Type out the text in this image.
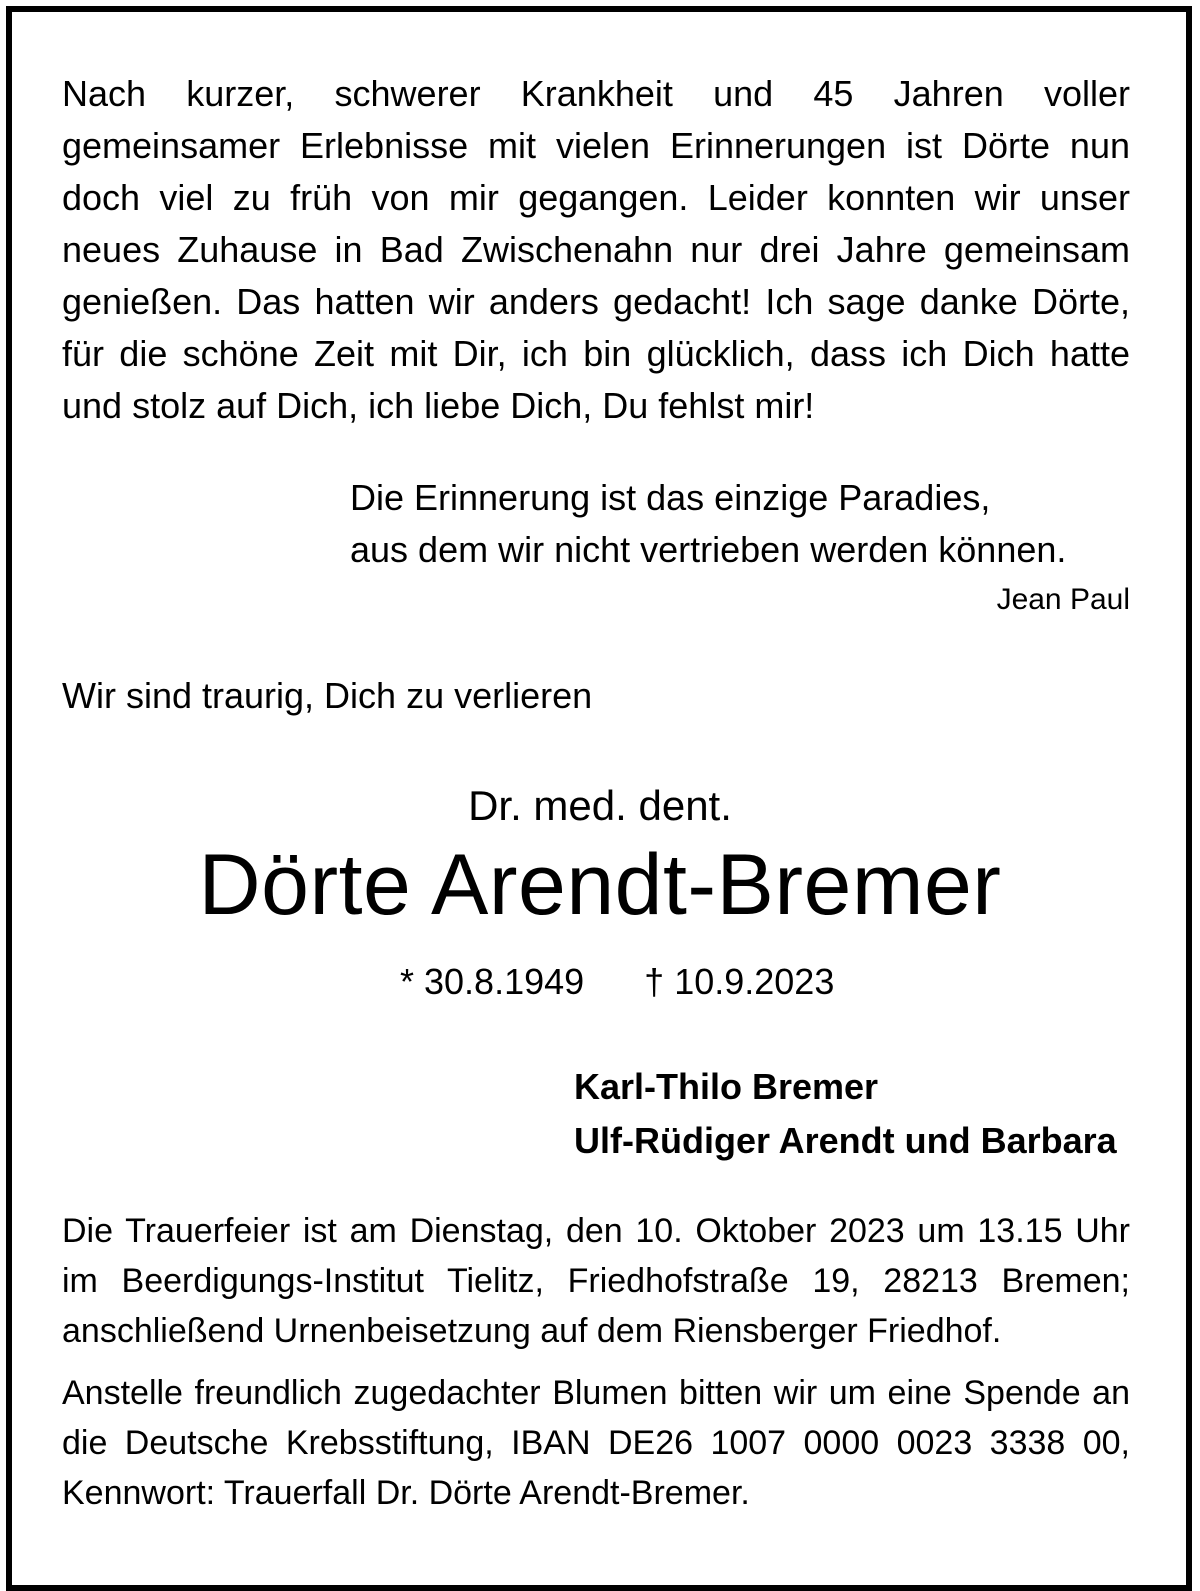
Nach kurzer, schwerer Krankheit und 45 Jahren voller gemeinsamer Erlebnisse mit vielen Erinnerungen ist Dörte nun doch viel zu früh von mir gegangen. Leider konnten wir unser neues Zuhause in Bad Zwischenahn nur drei Jahre gemeinsam genießen. Das hatten wir anders gedacht! Ich sage danke Dörte, für die schöne Zeit mit Dir, ich bin glücklich, dass ich Dich hatte und stolz auf Dich, ich liebe Dich, Du fehlst mir!

Die Erinnerung ist das einzige Paradies,
aus dem wir nicht vertrieben werden können.
Jean Paul
Wir sind traurig, Dich zu verlieren
Dr. med. dent.
Dörte Arendt-Bremer
* 30.8.1949 † 10.9.2023
Karl-Thilo Bremer
Ulf-Rüdiger Arendt und Barbara

Die Trauerfeier ist am Dienstag, den 10. Oktober 2023 um 13.15 Uhr im Beerdigungs-Institut Tielitz, Friedhofstraße 19, 28213 Bremen; anschließend Urnenbeisetzung auf dem Riensberger Friedhof.

Anstelle freundlich zugedachter Blumen bitten wir um eine Spende an die Deutsche Krebsstiftung, IBAN DE26 1007 0000 0023 3338 00, Kennwort: Trauerfall Dr. Dörte Arendt-Bremer.
